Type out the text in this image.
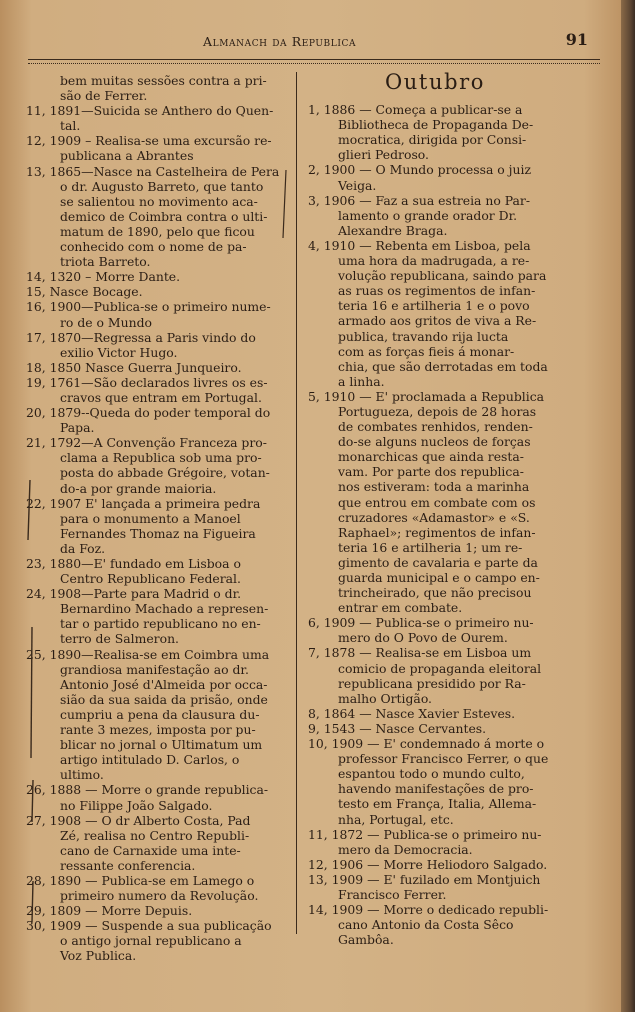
Almanach da Republica	91
bem muitas sessões contra a pri-
são de Ferrer.
11, 1891—Suicida se Anthero do Quen-
tal.
12, 1909 – Realisa-se uma excursão re-
publicana a Abrantes
13, 1865—Nasce na Castelheira de Pera
o dr. Augusto Barreto, que tanto
se salientou no movimento aca-
demico de Coimbra contra o ulti-
matum de 1890, pelo que ficou
conhecido com o nome de pa-
triota Barreto.
14, 1320 – Morre Dante.
15, Nasce Bocage.
16, 1900—Publica-se o primeiro nume-
ro de o Mundo
17, 1870—Regressa a Paris vindo do
exilio Victor Hugo.
18, 1850 Nasce Guerra Junqueiro.
19, 1761—São declarados livres os es-
cravos que entram em Portugal.
20, 1879--Queda do poder temporal do
Papa.
21, 1792—A Convenção Franceza pro-
clama a Republica sob uma pro-
posta do abbade Grégoire, votan-
do-a por grande maioria.
22, 1907 E' lançada a primeira pedra
para o monumento a Manoel
Fernandes Thomaz na Figueira
da Foz.
23, 1880—E' fundado em Lisboa o
Centro Republicano Federal.
24, 1908—Parte para Madrid o dr.
Bernardino Machado a represen-
tar o partido republicano no en-
terro de Salmeron.
25, 1890—Realisa-se em Coimbra uma
grandiosa manifestação ao dr.
Antonio José d'Almeida por occa-
sião da sua saida da prisão, onde
cumpriu a pena da clausura du-
rante 3 mezes, imposta por pu-
blicar no jornal o Ultimatum um
artigo intitulado D. Carlos, o
ultimo.
26, 1888 — Morre o grande republica-
no Filippe João Salgado.
27, 1908 — O dr Alberto Costa, Pad
Zé, realisa no Centro Republi-
cano de Carnaxide uma inte-
ressante conferencia.
28, 1890 — Publica-se em Lamego o
primeiro numero da Revolução.
29, 1809 — Morre Depuis.
30, 1909 — Suspende a sua publicação
o antigo jornal republicano a
Voz Publica.
Outubro
1, 1886 — Começa a publicar-se a
Bibliotheca de Propaganda De-
mocratica, dirigida por Consi-
glieri Pedroso.
2, 1900 — O Mundo processa o juiz
Veiga.
3, 1906 — Faz a sua estreia no Par-
lamento o grande orador Dr.
Alexandre Braga.
4, 1910 — Rebenta em Lisboa, pela
uma hora da madrugada, a re-
volução republicana, saindo para
as ruas os regimentos de infan-
teria 16 e artilheria 1 e o povo
armado aos gritos de viva a Re-
publica, travando rija lucta
com as forças fieis á monar-
chia, que são derrotadas em toda
a linha.
5, 1910 — E' proclamada a Republica
Portugueza, depois de 28 horas
de combates renhidos, renden-
do-se alguns nucleos de forças
monarchicas que ainda resta-
vam. Por parte dos republica-
nos estiveram: toda a marinha
que entrou em combate com os
cruzadores «Adamastor» e «S.
Raphael»; regimentos de infan-
teria 16 e artilheria 1; um re-
gimento de cavalaria e parte da
guarda municipal e o campo en-
trincheirado, que não precisou
entrar em combate.
6, 1909 — Publica-se o primeiro nu-
mero do O Povo de Ourem.
7, 1878 — Realisa-se em Lisboa um
comicio de propaganda eleitoral
republicana presidido por Ra-
malho Ortigão.
8, 1864 — Nasce Xavier Esteves.
9, 1543 — Nasce Cervantes.
10, 1909 — E' condemnado á morte o
professor Francisco Ferrer, o que
espantou todo o mundo culto,
havendo manifestações de pro-
testo em França, Italia, Allema-
nha, Portugal, etc.
11, 1872 — Publica-se o primeiro nu-
mero da Democracia.
12, 1906 — Morre Heliodoro Salgado.
13, 1909 — E' fuzilado em Montjuich
Francisco Ferrer.
14, 1909 — Morre o dedicado republi-
cano Antonio da Costa Sêco
Gambôa.
